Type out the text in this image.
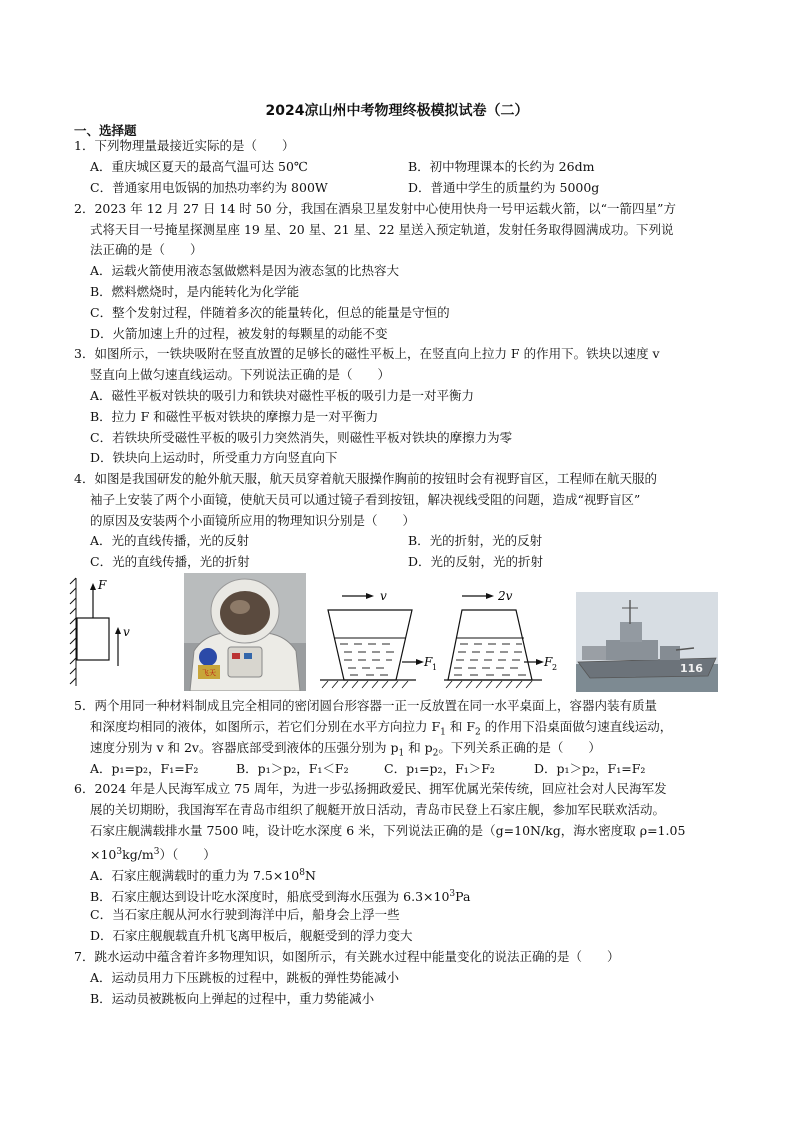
2024凉山州中考物理终极模拟试卷（二）
一、选择题
1．下列物理量最接近实际的是（　　）
A．重庆城区夏天的最高气温可达 50℃	B．初中物理课本的长约为 26dm
C．普通家用电饭锅的加热功率约为 800W	D．普通中学生的质量约为 5000g
2．2023 年 12 月 27 日 14 时 50 分，我国在酒泉卫星发射中心使用快舟一号甲运载火箭，以“一箭四星”方
式将天目一号掩星探测星座 19 星、20 星、21 星、22 星送入预定轨道，发射任务取得圆满成功。下列说
法正确的是（　　）
A．运载火箭使用液态氢做燃料是因为液态氢的比热容大
B．燃料燃烧时，是内能转化为化学能
C．整个发射过程，伴随着多次的能量转化，但总的能量是守恒的
D．火箭加速上升的过程，被发射的每颗星的动能不变
3．如图所示，一铁块吸附在竖直放置的足够长的磁性平板上，在竖直向上拉力 F 的作用下。铁块以速度 v
竖直向上做匀速直线运动。下列说法正确的是（　　）
A．磁性平板对铁块的吸引力和铁块对磁性平板的吸引力是一对平衡力
B．拉力 F 和磁性平板对铁块的摩擦力是一对平衡力
C．若铁块所受磁性平板的吸引力突然消失，则磁性平板对铁块的摩擦力为零
D．铁块向上运动时，所受重力方向竖直向下
4．如图是我国研发的舱外航天服，航天员穿着航天服操作胸前的按钮时会有视野盲区，工程师在航天服的
袖子上安装了两个小面镜，使航天员可以通过镜子看到按钮，解决视线受阻的问题，造成“视野盲区”
的原因及安装两个小面镜所应用的物理知识分别是（　　）
A．光的直线传播，光的反射	B．光的折射，光的反射
C．光的直线传播，光的折射	D．光的反射，光的折射
F
v
飞天
v
F 1
2v
F 2	116
5．两个用同一种材料制成且完全相同的密闭圆台形容器一正一反放置在同一水平桌面上，容器内装有质量
和深度均相同的液体，如图所示，若它们分别在水平方向拉力 $F_1$ 和 $F_2$ 的作用下沿桌面做匀速直线运动，
速度分别为 v 和 2v。容器底部受到液体的压强分别为 $p_1$ 和 $p_2$。下列关系正确的是（　　）
A．p₁=p₂，F₁=F₂	B．p₁＞p₂，F₁＜F₂	C．p₁=p₂，F₁＞F₂	D．p₁＞p₂，F₁=F₂
6．2024 年是人民海军成立 75 周年，为进一步弘扬拥政爱民、拥军优属光荣传统，回应社会对人民海军发
展的关切期盼，我国海军在青岛市组织了舰艇开放日活动，青岛市民登上石家庄舰，参加军民联欢活动。
石家庄舰满载排水量 7500 吨，设计吃水深度 6 米，下列说法正确的是（g=10N/kg，海水密度取 ρ=1.05
$\times 10^3kg/m^3$）（　　）
A．石家庄舰满载时的重力为 $7.5\times 10^8N$
B．石家庄舰达到设计吃水深度时，船底受到海水压强为 $6.3\times 10^3Pa$
C．当石家庄舰从河水行驶到海洋中后，船身会上浮一些
D．石家庄舰舰载直升机飞离甲板后，舰艇受到的浮力变大
7．跳水运动中蕴含着许多物理知识，如图所示，有关跳水过程中能量变化的说法正确的是（　　）
A．运动员用力下压跳板的过程中，跳板的弹性势能减小
B．运动员被跳板向上弹起的过程中，重力势能减小
